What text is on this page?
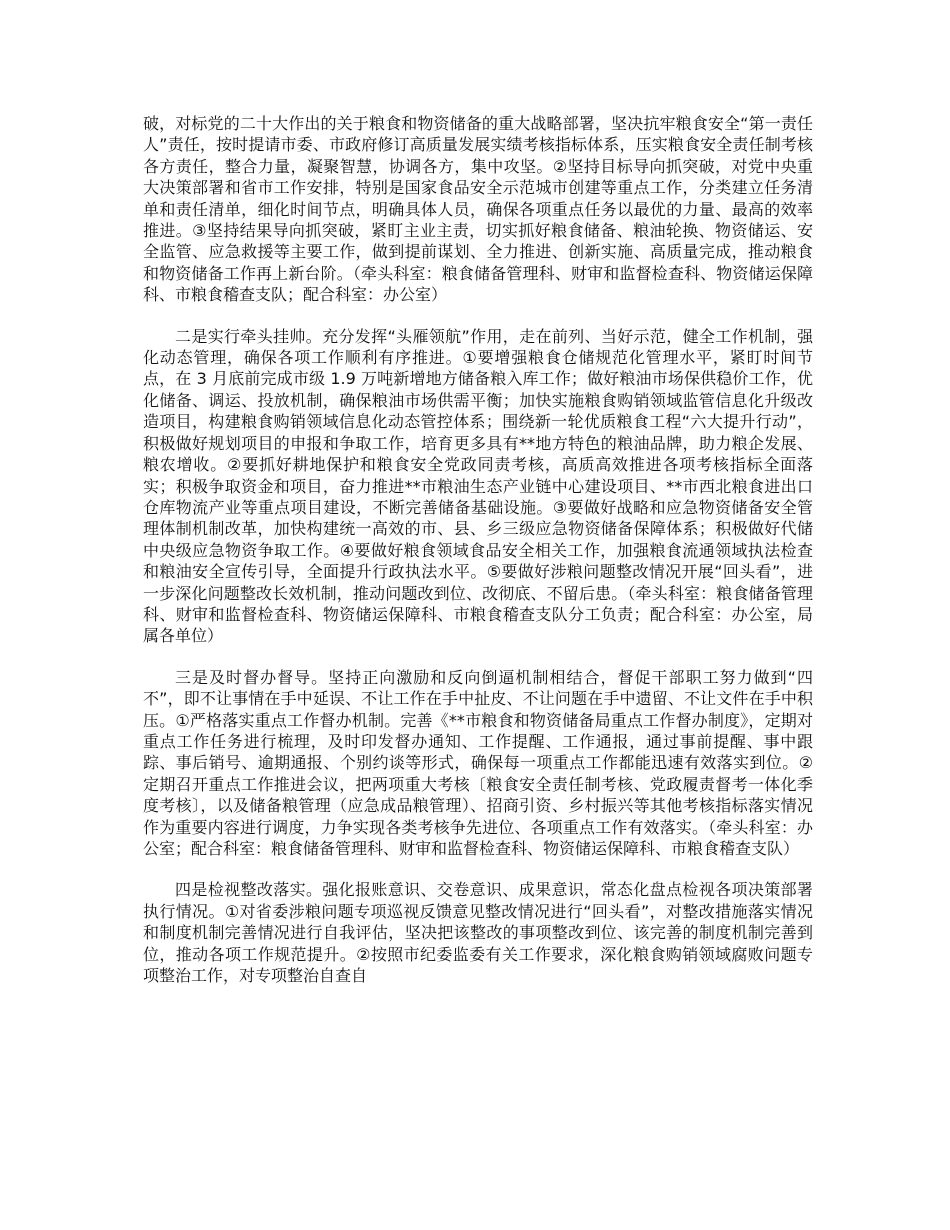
破，对标党的二十大作出的关于粮食和物资储备的重大战略部署，坚决抗牢粮食安全“第一责任人”责任，按时提请市委、市政府修订高质量发展实绩考核指标体系，压实粮食安全责任制考核各方责任，整合力量，凝聚智慧，协调各方，集中攻坚。②坚持目标导向抓突破，对党中央重大决策部署和省市工作安排，特别是国家食品安全示范城市创建等重点工作，分类建立任务清单和责任清单，细化时间节点，明确具体人员，确保各项重点任务以最优的力量、最高的效率推进。③坚持结果导向抓突破，紧盯主业主责，切实抓好粮食储备、粮油轮换、物资储运、安全监管、应急救援等主要工作，做到提前谋划、全力推进、创新实施、高质量完成，推动粮食和物资储备工作再上新台阶。（牵头科室：粮食储备管理科、财审和监督检查科、物资储运保障科、市粮食稽查支队；配合科室：办公室）

二是实行牵头挂帅。充分发挥“头雁领航”作用，走在前列、当好示范，健全工作机制，强化动态管理，确保各项工作顺利有序推进。①要增强粮食仓储规范化管理水平，紧盯时间节点，在 3 月底前完成市级 1.9 万吨新增地方储备粮入库工作；做好粮油市场保供稳价工作，优化储备、调运、投放机制，确保粮油市场供需平衡；加快实施粮食购销领域监管信息化升级改造项目，构建粮食购销领域信息化动态管控体系；围绕新一轮优质粮食工程“六大提升行动”，积极做好规划项目的申报和争取工作，培育更多具有**地方特色的粮油品牌，助力粮企发展、粮农增收。②要抓好耕地保护和粮食安全党政同责考核，高质高效推进各项考核指标全面落实；积极争取资金和项目，奋力推进**市粮油生态产业链中心建设项目、**市西北粮食进出口仓库物流产业等重点项目建设，不断完善储备基础设施。③要做好战略和应急物资储备安全管理体制机制改革，加快构建统一高效的市、县、乡三级应急物资储备保障体系；积极做好代储中央级应急物资争取工作。④要做好粮食领域食品安全相关工作，加强粮食流通领域执法检查和粮油安全宣传引导，全面提升行政执法水平。⑤要做好涉粮问题整改情况开展“回头看”，进一步深化问题整改长效机制，推动问题改到位、改彻底、不留后患。（牵头科室：粮食储备管理科、财审和监督检查科、物资储运保障科、市粮食稽查支队分工负责；配合科室：办公室，局属各单位）

三是及时督办督导。坚持正向激励和反向倒逼机制相结合，督促干部职工努力做到“四不”，即不让事情在手中延误、不让工作在手中扯皮、不让问题在手中遗留、不让文件在手中积压。①严格落实重点工作督办机制。完善《**市粮食和物资储备局重点工作督办制度》，定期对重点工作任务进行梳理，及时印发督办通知、工作提醒、工作通报，通过事前提醒、事中跟踪、事后销号、逾期通报、个别约谈等形式，确保每一项重点工作都能迅速有效落实到位。②定期召开重点工作推进会议，把两项重大考核〔粮食安全责任制考核、党政履责督考一体化季度考核〕，以及储备粮管理（应急成品粮管理）、招商引资、乡村振兴等其他考核指标落实情况作为重要内容进行调度，力争实现各类考核争先进位、各项重点工作有效落实。（牵头科室：办公室；配合科室：粮食储备管理科、财审和监督检查科、物资储运保障科、市粮食稽查支队）

四是检视整改落实。强化报账意识、交卷意识、成果意识，常态化盘点检视各项决策部署执行情况。①对省委涉粮问题专项巡视反馈意见整改情况进行“回头看”，对整改措施落实情况和制度机制完善情况进行自我评估，坚决把该整改的事项整改到位、该完善的制度机制完善到位，推动各项工作规范提升。②按照市纪委监委有关工作要求，深化粮食购销领域腐败问题专项整治工作，对专项整治自查自
